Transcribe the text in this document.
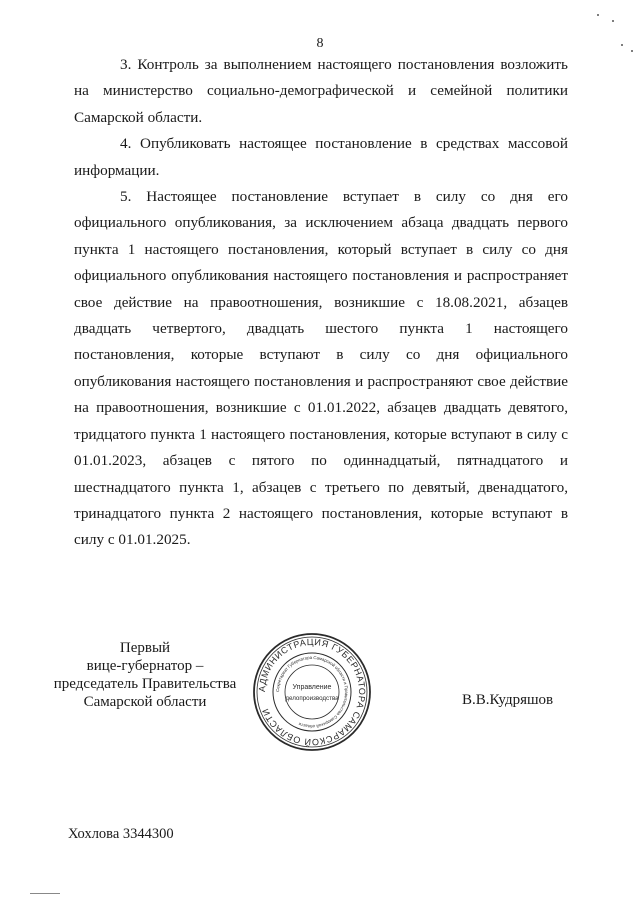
8

3. Контроль за выполнением настоящего постановления возложить на министерство социально-демографической и семейной политики Самарской области.

4. Опубликовать настоящее постановление в средствах массовой информации.

5. Настоящее постановление вступает в силу со дня его официального опубликования, за исключением абзаца двадцать первого пункта 1 настоящего постановления, который вступает в силу со дня официального опубликования настоящего постановления и распространяет свое действие на правоотношения, возникшие с 18.08.2021, абзацев двадцать четвертого, двадцать шестого пункта 1 настоящего постановления, которые вступают в силу со дня официального опубликования настоящего постановления и распространяют свое действие на правоотношения, возникшие с 01.01.2022, абзацев двадцать девятого, тридцатого пункта 1 настоящего постановления, которые вступают в силу с 01.01.2023, абзацев с пятого по одиннадцатый, пятнадцатого и шестнадцатого пункта 1, абзацев с третьего по девятый, двенадцатого, тринадцатого пункта 2 настоящего постановления, которые вступают в силу с 01.01.2025.

Первый
вице-губернатор –
председатель Правительства
Самарской области
АДМИНИСТРАЦИЯ ГУБЕРНАТОРА САМАРСКОЙ ОБЛАСТИ
Секретариат Губернатора Самарской области и Правительства Самарской области
Управление
делопроизводства	В.В.Кудряшов
Хохлова 3344300
